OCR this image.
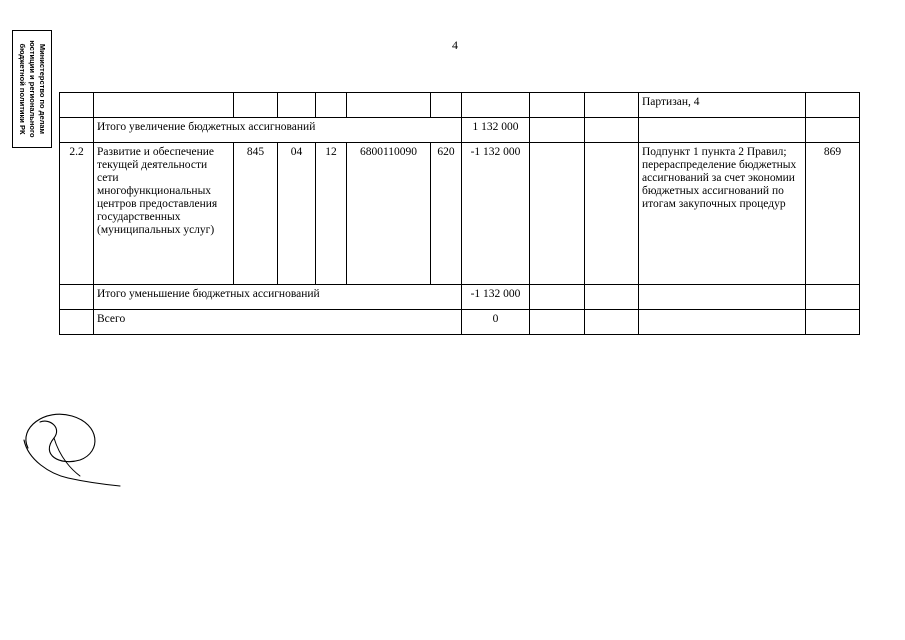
4
Министерство по делам юстиции и регионального бюджетной политики РК
											Партизан, 4	
	Итого увеличение бюджетных ассигнований						1 132 000				
2.2	Развитие и обеспечение текущей деятельности сети многофункциональных центров предоставления государственных (муниципальных услуг)	845	04	12	6800110090	620	-1 132 000			Подпункт 1 пункта 2 Правил; перераспределение бюджетных ассигнований за счет экономии бюджетных ассигнований по итогам закупочных процедур	869
	Итого уменьшение бюджетных ассигнований						-1 132 000				
	Всего						0				
